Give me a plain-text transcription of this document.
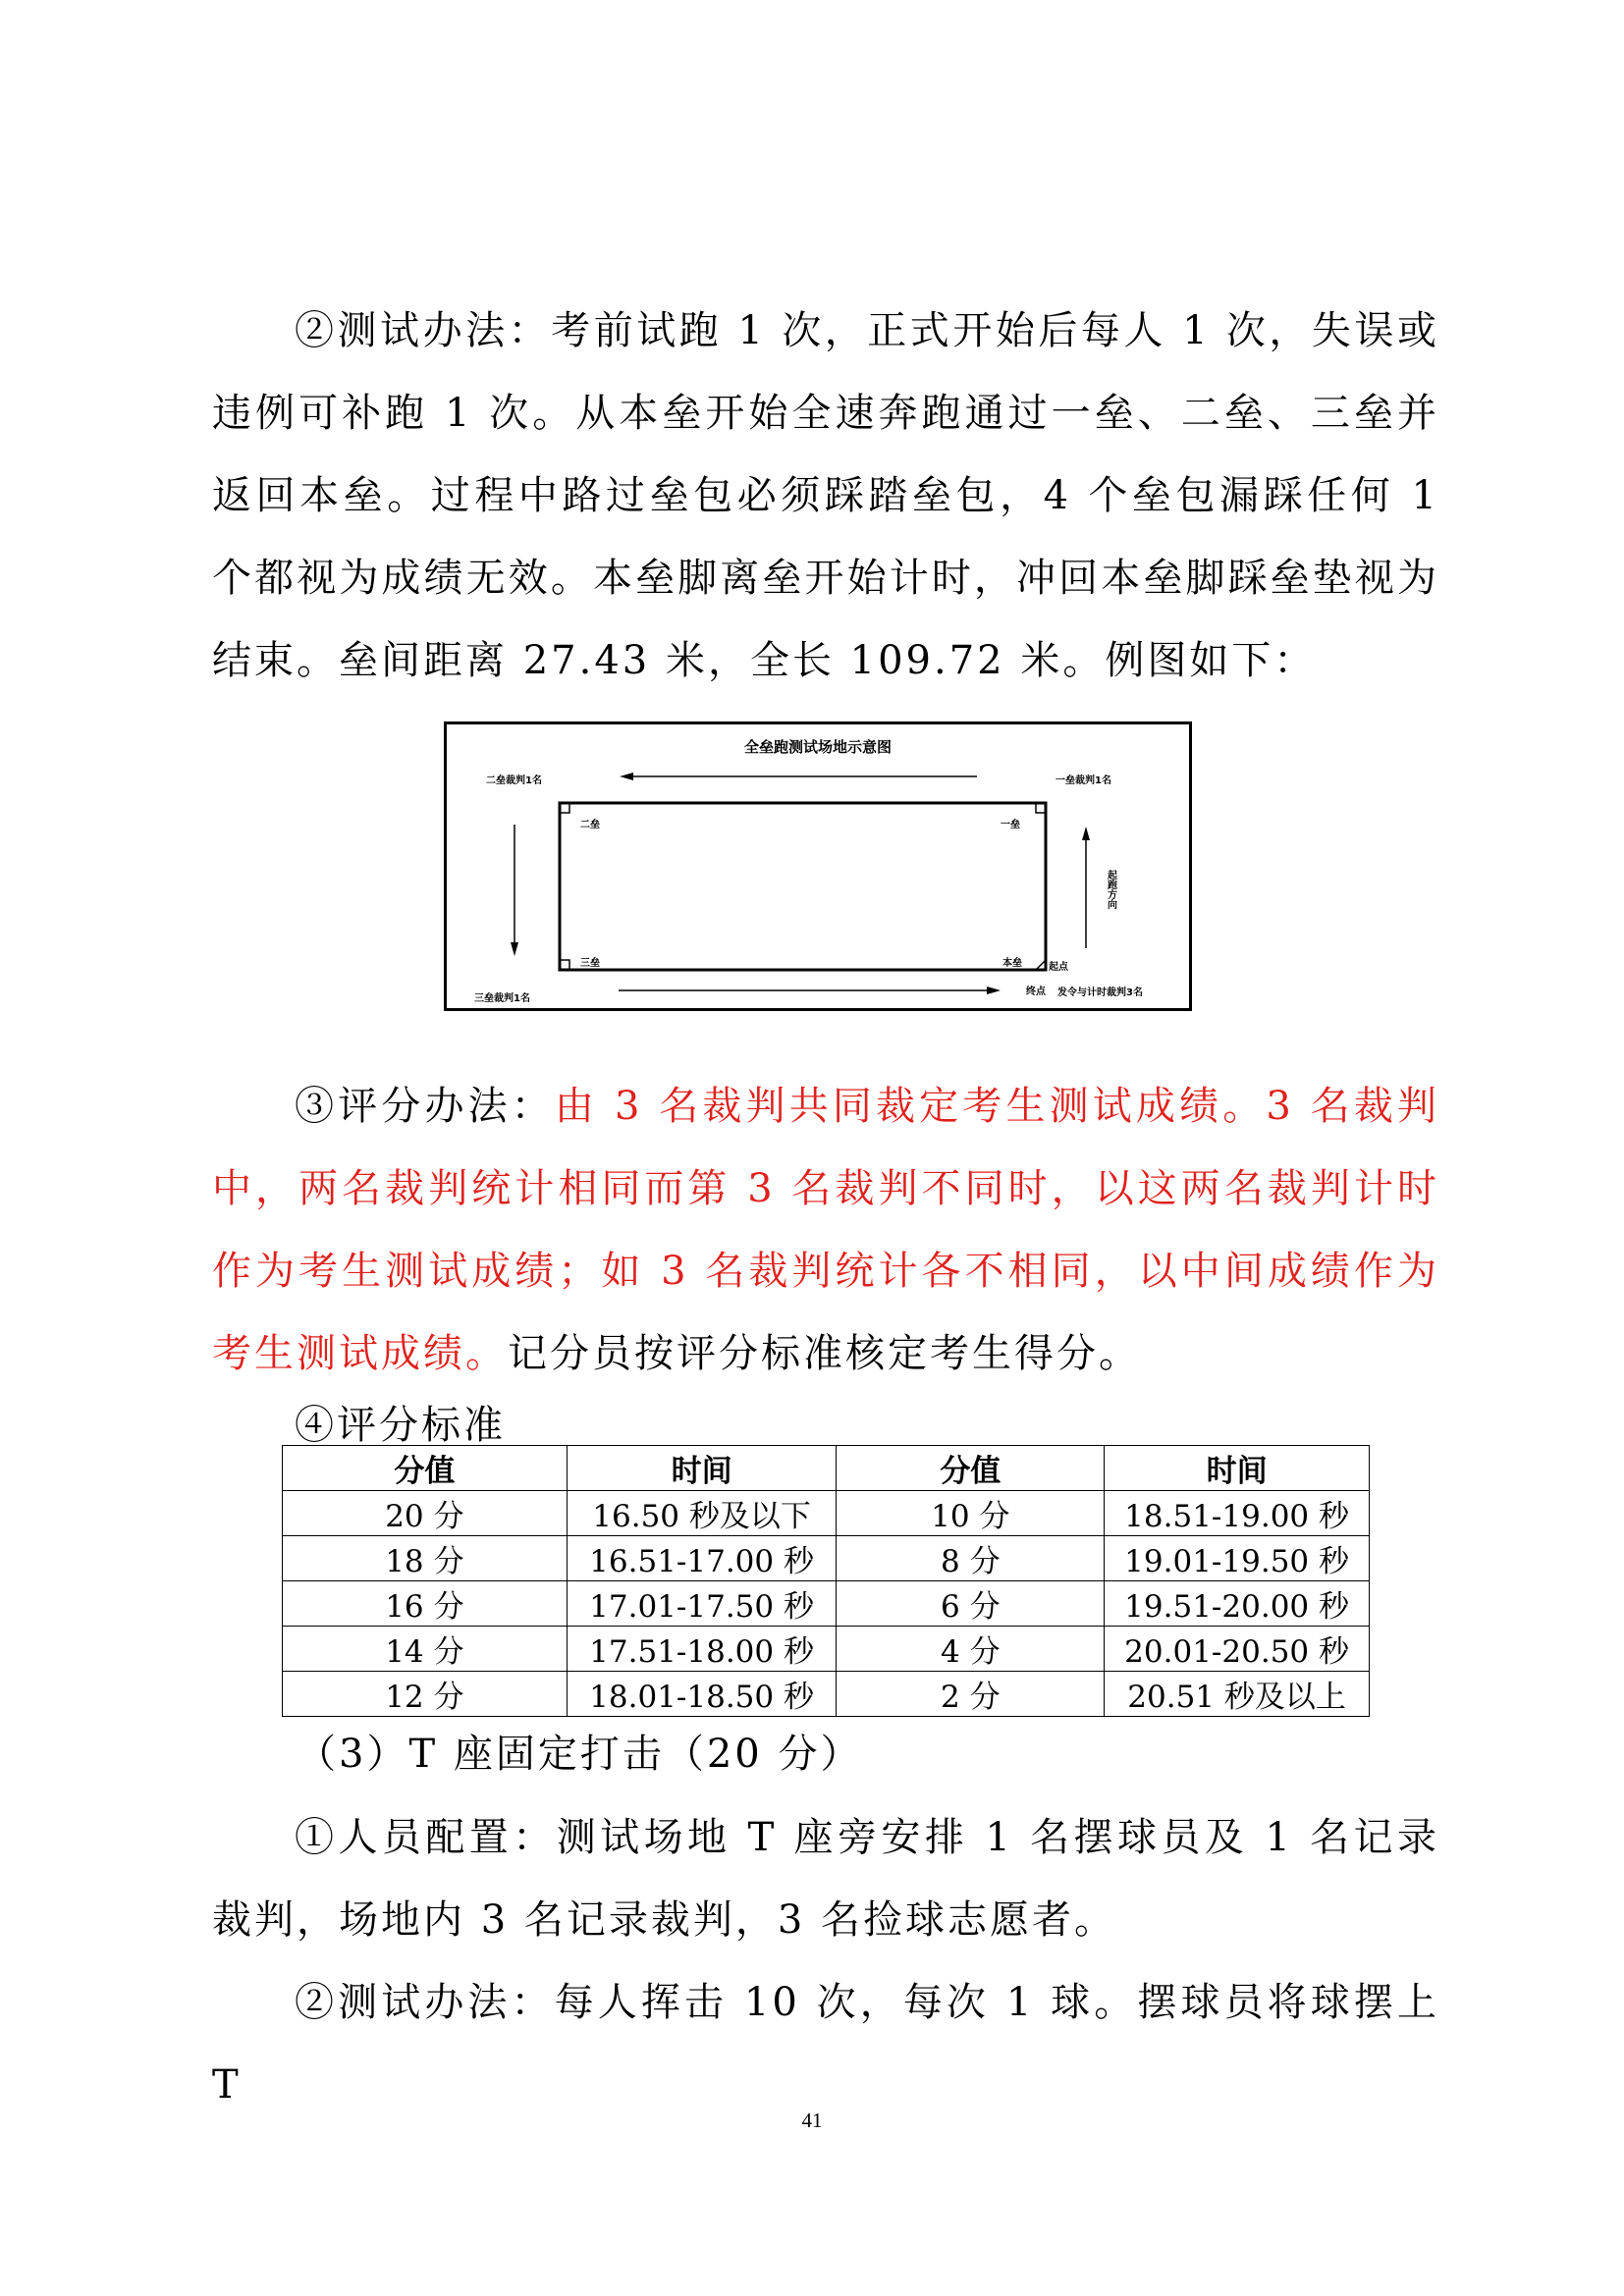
②测试办法：考前试跑 1 次，正式开始后每人 1 次，失误或违例可补跑 1 次。从本垒开始全速奔跑通过一垒、二垒、三垒并返回本垒。过程中路过垒包必须踩踏垒包，4 个垒包漏踩任何 1 个都视为成绩无效。本垒脚离垒开始计时，冲回本垒脚踩垒垫视为结束。垒间距离 27.43 米，全长 109.72 米。例图如下：

全垒跑测试场地示意图
二垒裁判1名
二垒
一垒裁判1名
一垒
三垒	本垒
三垒裁判1名
起点
终点 发令与计时裁判3名
起跑方向

③评分办法：由 3 名裁判共同裁定考生测试成绩。3 名裁判中，两名裁判统计相同而第 3 名裁判不同时，以这两名裁判计时作为考生测试成绩；如 3 名裁判统计各不相同，以中间成绩作为考生测试成绩。记分员按评分标准核定考生得分。

④评分标准
分值	时间	分值	时间
20 分	16.50 秒及以下	10 分	18.51-19.00 秒
18 分	16.51-17.00 秒	8 分	19.01-19.50 秒
16 分	17.01-17.50 秒	6 分	19.51-20.00 秒
14 分	17.51-18.00 秒	4 分	20.01-20.50 秒
12 分	18.01-18.50 秒	2 分	20.51 秒及以上
（3）T 座固定打击（20 分）

①人员配置：测试场地 T 座旁安排 1 名摆球员及 1 名记录裁判，场地内 3 名记录裁判，3 名捡球志愿者。

②测试办法：每人挥击 10 次，每次 1 球。摆球员将球摆上 T

41
